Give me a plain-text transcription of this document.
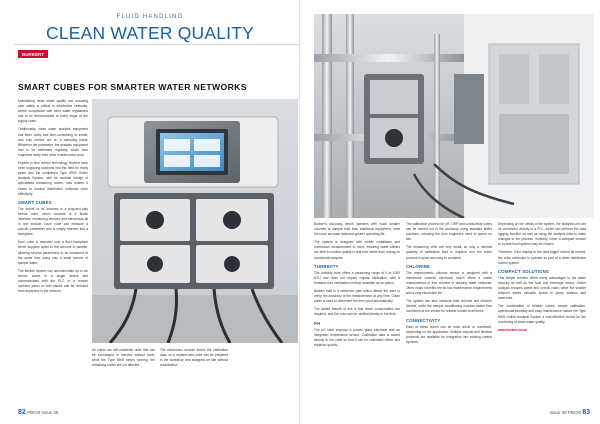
FLUID HANDLING
CLEAN WATER QUALITY
BURKERT
SMART CUBES FOR SMARTER WATER NETWORKS

Maintaining clean water quality and ensuring user safety is critical in distribution networks, where compliance with strict water regulations has to be demonstrated at every stage of the supply chain.

Traditionally, clean water analysis equipment has been bulky and time-consuming to install, and only carried out on a sampling basis. Whatever the parameter, the analysis equipment had to be calibrated regularly, which took engineers away from other maintenance work.

Experts in flow control technology, Burkert have been supplying solutions into this field for many years and the company's Type 8905 Online Analysis System, with its modular design of specialised measuring cubes, now makes it easier to monitor distribution networks more effectively.

SMART CUBES

The secret to its success is a plug-and-play sensor cube, which consists of a fluidic interface, measuring sensors and electronics all in one module. Each cube can measure a specific parameter and is simply inserted into a backplane.

Each cube is mounted onto a fluid backplane which supplies water to the sensors in parallel, allowing several parameters to be measured at the same time using only a small volume of sample water.

The flexible system can accommodate up to six sensor cubes in a single device and communicates with the PLC or a remote operator panel so that values can be checked from anywhere in the network.

All cubes are self-contained units that can be exchanged in minutes without tools, while the Type 8905 keeps running; the remaining cubes are not affected.

The electronics module stores the calibration data, so a replacement cube can be prepared in the workshop and swapped on site without recalibration.

82 PBCM Issue 38

Burkert's accuracy, which operates with much smaller volumes of sample fluid than traditional equipment, uses the more accurate data and greater operating life.

The system is designed with simple installation and continuous measurement in mind, ensuring water utilities are able to monitor quality in real time rather than relying on occasional samples.

TURBIDITY

The turbidity cube offers a measuring range of 0 to 1000 NTU and does not require regular calibration, with a formazin-free verification method available as an option.

Burkert built in a reference path which allows the user to verify the accuracy of the measurement at any time. Clean water is used to determine the zero point automatically.

The added benefit of this is that fewer consumables are required, and the cube can be verified directly in the field.

PH

The pH cube employs a proven glass electrode with an integrated temperature sensor. Calibration data is stored directly in the cube so that it can be calibrated offline and replaced quickly.

The calibration process for pH, ORP and conductivity cubes can be carried out in the workshop using standard buffer solutions, reducing the time engineers need to spend on site.

The measuring cells are very small, so only a minimal quantity of calibration fluid is required and the entire process is quick and easy to complete.

CHLORINE

The amperometric chlorine sensor is designed with a membrane covered electrode, which offers a stable measurement of free chlorine in drinking water networks. Other major benefits are its low maintenance requirements and a long electrolyte life.

The system can also measure total chlorine and chlorine dioxide, while the sample conditioning ensures stable flow conditions at the sensor for reliable results at all times.

CONNECTIVITY

Each of these cubes can be used alone or combined, depending on the application. Multiple outputs and fieldbus protocols are available for integration into existing control systems.

Depending on the needs of the system, the analysis unit can be connected directly to a PLC, which can perform the data logging function as well as using the analysis data to make changes to the process. Similarly, either a compact version or a panel-built system may be chosen.

Therefore, if the display or the data logger should be moved, the cube continues to operate as part of a wider distributed control system.

COMPACT SOLUTIONS

This simple solution offers many advantages to the water industry as well as the food and beverage sector. Online analysis reduces waste and overall costs, while the smaller footprint saves valuable space in pump stations and reservoirs.

The combination of reliable cubes, simple calibration, operational flexibility and easy maintenance makes the Type 8905 Online Analysis System a cost-effective choice for the monitoring of clean water quality.

www.burkert.co.uk

Issue 38 PBCM 83
